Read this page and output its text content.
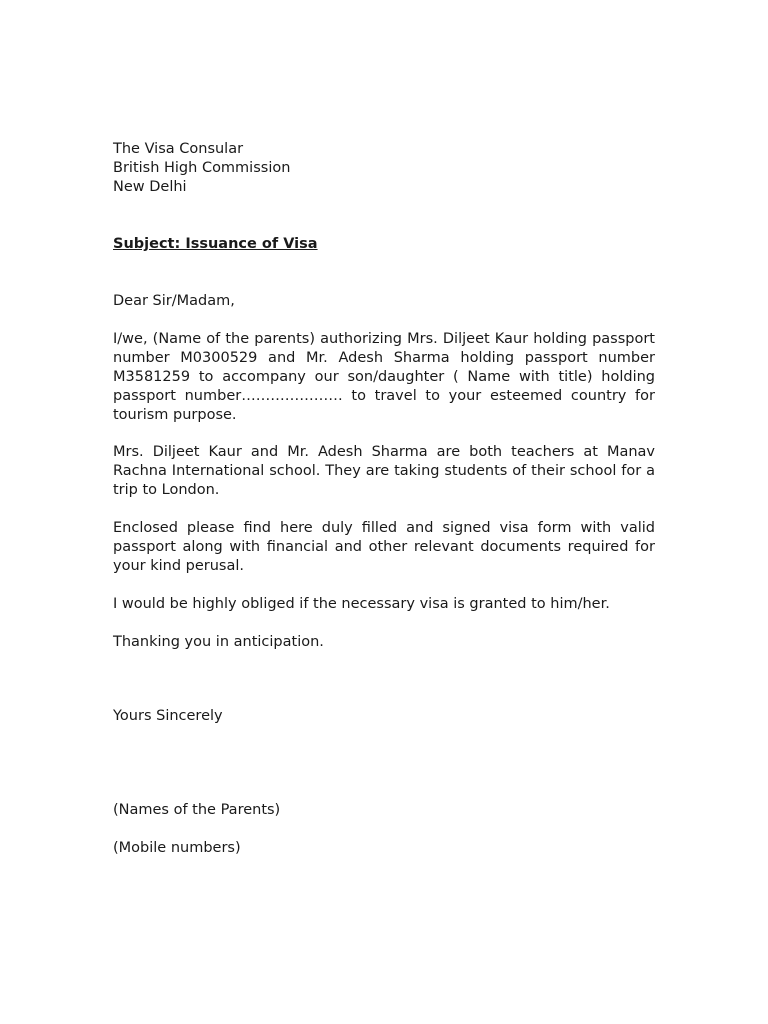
The Visa Consular
British High Commission
New Delhi

Subject: Issuance of Visa

Dear Sir/Madam,

I/we, (Name of the parents) authorizing Mrs. Diljeet Kaur holding passport number M0300529 and Mr. Adesh Sharma holding passport number M3581259 to accompany our son/daughter ( Name with title) holding passport number………………… to travel to your esteemed country for tourism purpose.

Mrs. Diljeet Kaur and Mr. Adesh Sharma are both teachers at Manav Rachna International school. They are taking students of their school for a trip to London.

Enclosed please find here duly filled and signed visa form with valid passport along with financial and other relevant documents required for your kind perusal.

I would be highly obliged if the necessary visa is granted to him/her.

Thanking you in anticipation.

Yours Sincerely

(Names of the Parents)

(Mobile numbers)
